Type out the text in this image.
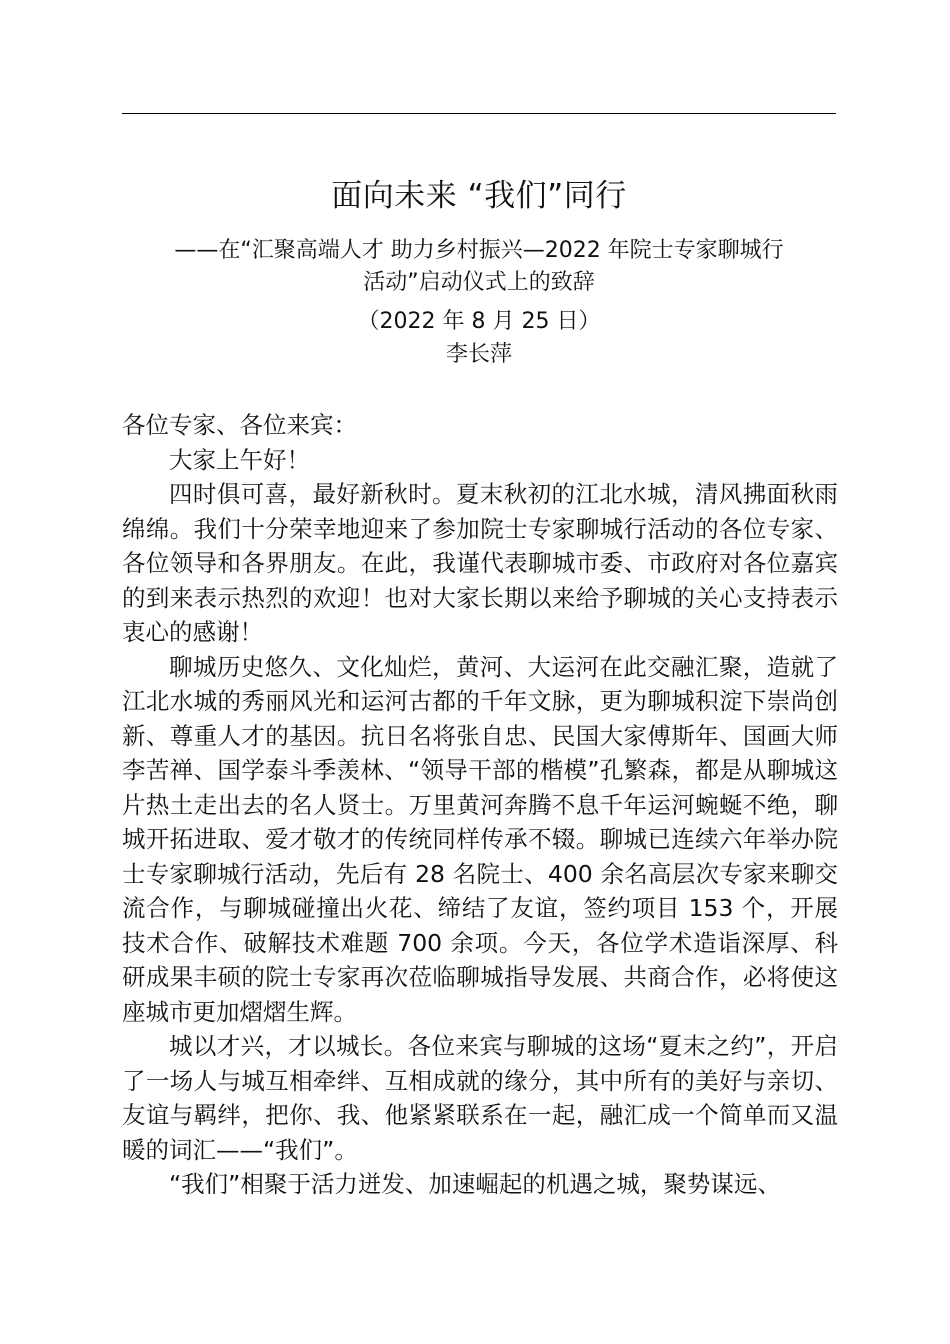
面向未来 “我们”同行
——在“汇聚高端人才 助力乡村振兴—2022 年院士专家聊城行
活动”启动仪式上的致辞
（2022 年 8 月 25 日）
李长萍

各位专家、各位来宾：

大家上午好！

四时俱可喜，最好新秋时。夏末秋初的江北水城，清风拂面秋雨绵绵。我们十分荣幸地迎来了参加院士专家聊城行活动的各位专家、各位领导和各界朋友。在此，我谨代表聊城市委、市政府对各位嘉宾的到来表示热烈的欢迎！也对大家长期以来给予聊城的关心支持表示衷心的感谢！

聊城历史悠久、文化灿烂，黄河、大运河在此交融汇聚，造就了江北水城的秀丽风光和运河古都的千年文脉，更为聊城积淀下崇尚创新、尊重人才的基因。抗日名将张自忠、民国大家傅斯年、国画大师李苦禅、国学泰斗季羡林、“领导干部的楷模”孔繁森，都是从聊城这片热土走出去的名人贤士。万里黄河奔腾不息千年运河蜿蜒不绝，聊城开拓进取、爱才敬才的传统同样传承不辍。聊城已连续六年举办院士专家聊城行活动，先后有 28 名院士、400 余名高层次专家来聊交流合作，与聊城碰撞出火花、缔结了友谊，签约项目 153 个，开展技术合作、破解技术难题 700 余项。今天，各位学术造诣深厚、科研成果丰硕的院士专家再次莅临聊城指导发展、共商合作，必将使这座城市更加熠熠生辉。

城以才兴，才以城长。各位来宾与聊城的这场“夏末之约”，开启了一场人与城互相牵绊、互相成就的缘分，其中所有的美好与亲切、友谊与羁绊，把你、我、他紧紧联系在一起，融汇成一个简单而又温暖的词汇——“我们”。

“我们”相聚于活力迸发、加速崛起的机遇之城，聚势谋远、
